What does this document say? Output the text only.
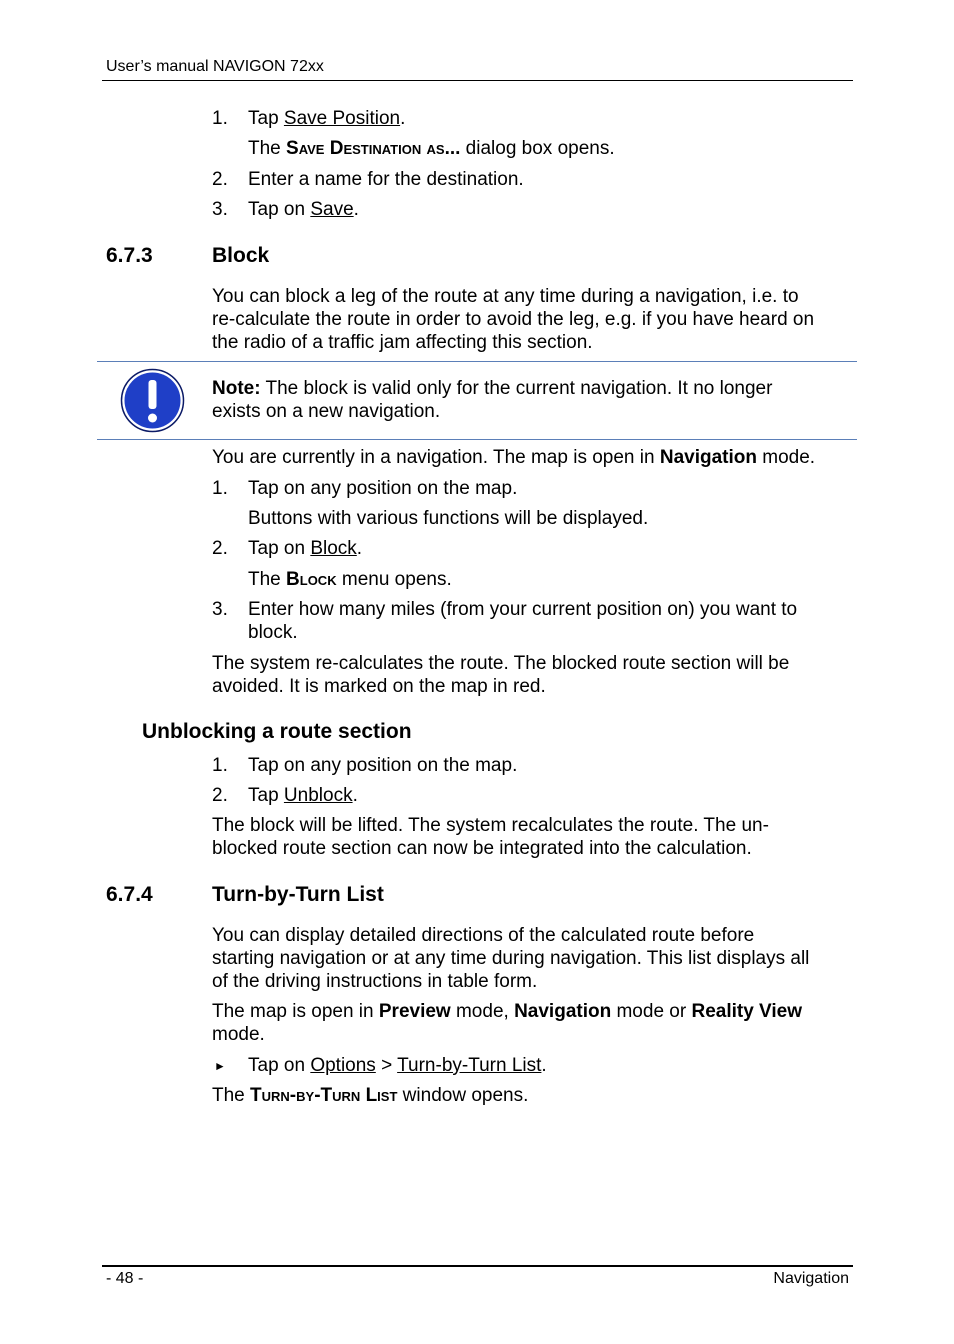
User’s manual NAVIGON 72xx
1. Tap Save Position.
The Save Destination as... dialog box opens.
2. Enter a name for the destination.
3. Tap on Save.
6.7.3	Block
You can block a leg of the route at any time during a navigation, i.e. to
re-calculate the route in order to avoid the leg, e.g. if you have heard on
the radio of a traffic jam affecting this section.
Note: The block is valid only for the current navigation. It no longer
exists on a new navigation.
You are currently in a navigation. The map is open in Navigation mode.
1. Tap on any position on the map.
Buttons with various functions will be displayed.
2. Tap on Block.
The Block menu opens.
3. Enter how many miles (from your current position on) you want to
block.
The system re-calculates the route. The blocked route section will be
avoided. It is marked on the map in red.
Unblocking a route section
1. Tap on any position on the map.
2. Tap Unblock.
The block will be lifted. The system recalculates the route. The un-
blocked route section can now be integrated into the calculation.
6.7.4	Turn-by-Turn List
You can display detailed directions of the calculated route before
starting navigation or at any time during navigation. This list displays all
of the driving instructions in table form.
The map is open in Preview mode, Navigation mode or Reality View
mode.
► Tap on Options > Turn-by-Turn List.
The Turn-by-Turn List window opens.
- 48 -	Navigation
